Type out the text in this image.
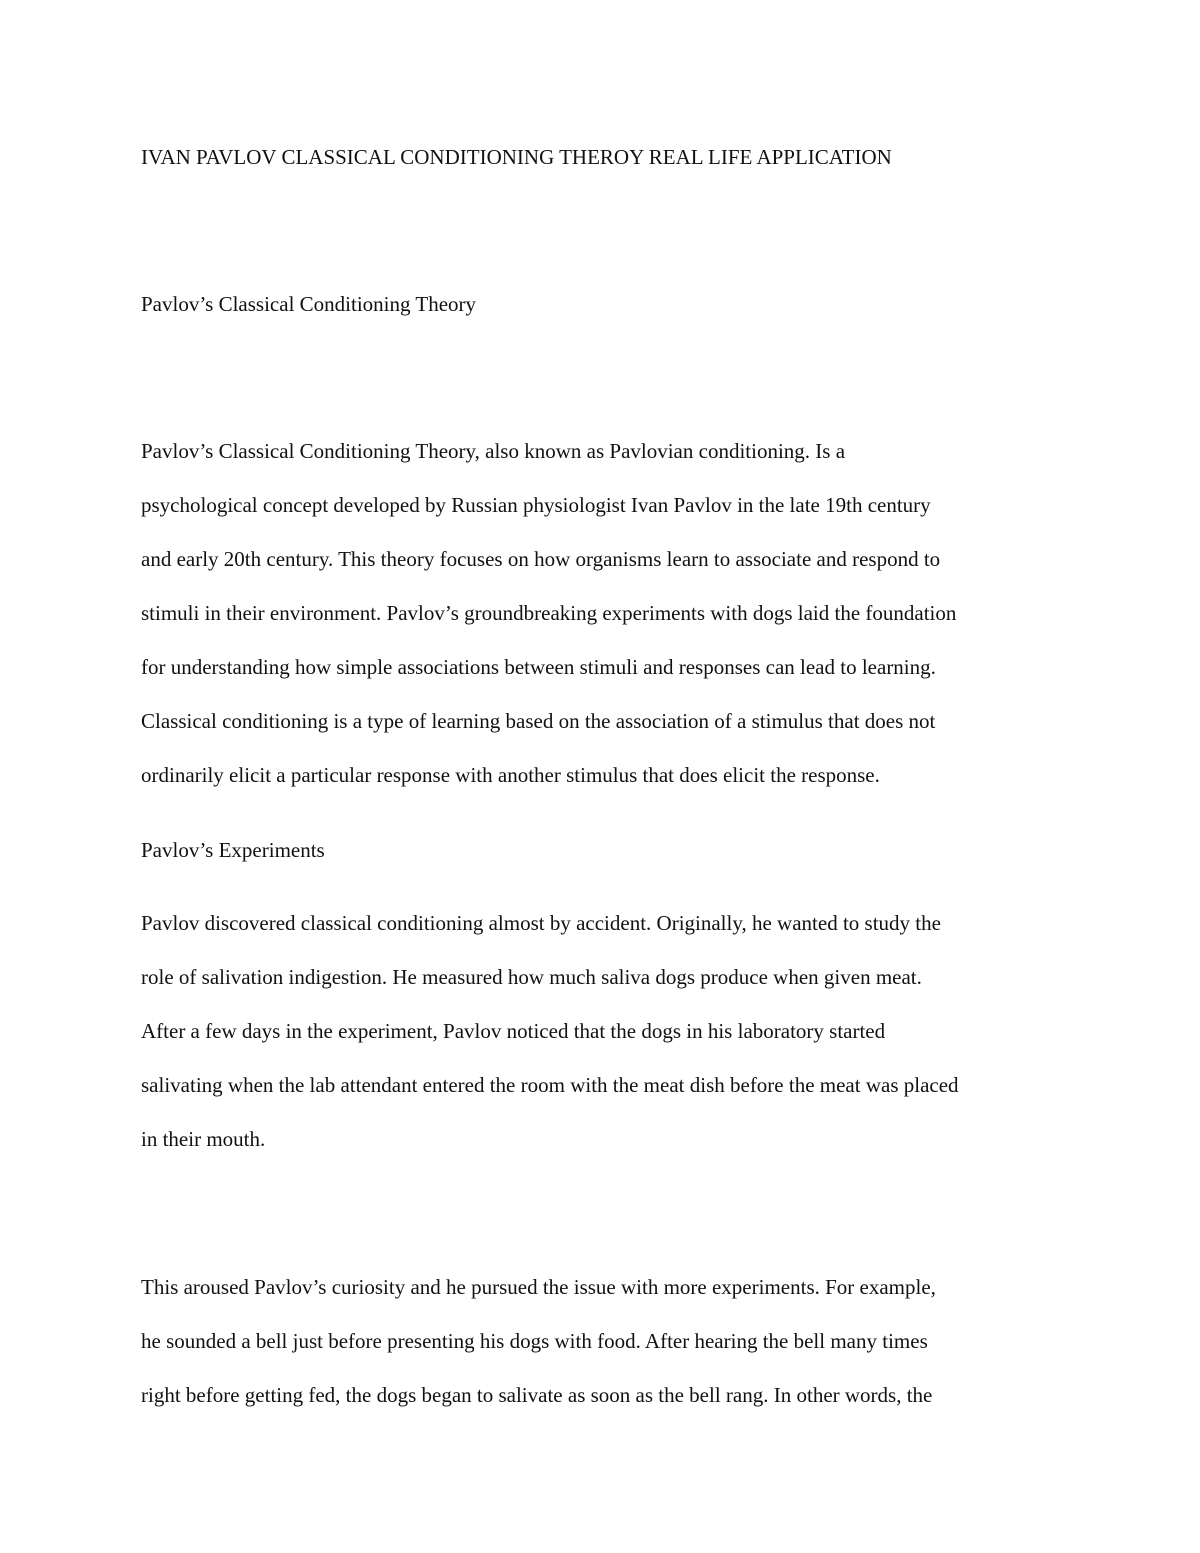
IVAN PAVLOV CLASSICAL CONDITIONING THEROY REAL LIFE APPLICATION
Pavlov’s Classical Conditioning Theory
Pavlov’s Classical Conditioning Theory, also known as Pavlovian conditioning. Is a
psychological concept developed by Russian physiologist Ivan Pavlov in the late 19th century
and early 20th century. This theory focuses on how organisms learn to associate and respond to
stimuli in their environment. Pavlov’s groundbreaking experiments with dogs laid the foundation
for understanding how simple associations between stimuli and responses can lead to learning.
Classical conditioning is a type of learning based on the association of a stimulus that does not
ordinarily elicit a particular response with another stimulus that does elicit the response.
Pavlov’s Experiments
Pavlov discovered classical conditioning almost by accident. Originally, he wanted to study the
role of salivation indigestion. He measured how much saliva dogs produce when given meat.
After a few days in the experiment, Pavlov noticed that the dogs in his laboratory started
salivating when the lab attendant entered the room with the meat dish before the meat was placed
in their mouth.
This aroused Pavlov’s curiosity and he pursued the issue with more experiments. For example,
he sounded a bell just before presenting his dogs with food. After hearing the bell many times
right before getting fed, the dogs began to salivate as soon as the bell rang. In other words, the
